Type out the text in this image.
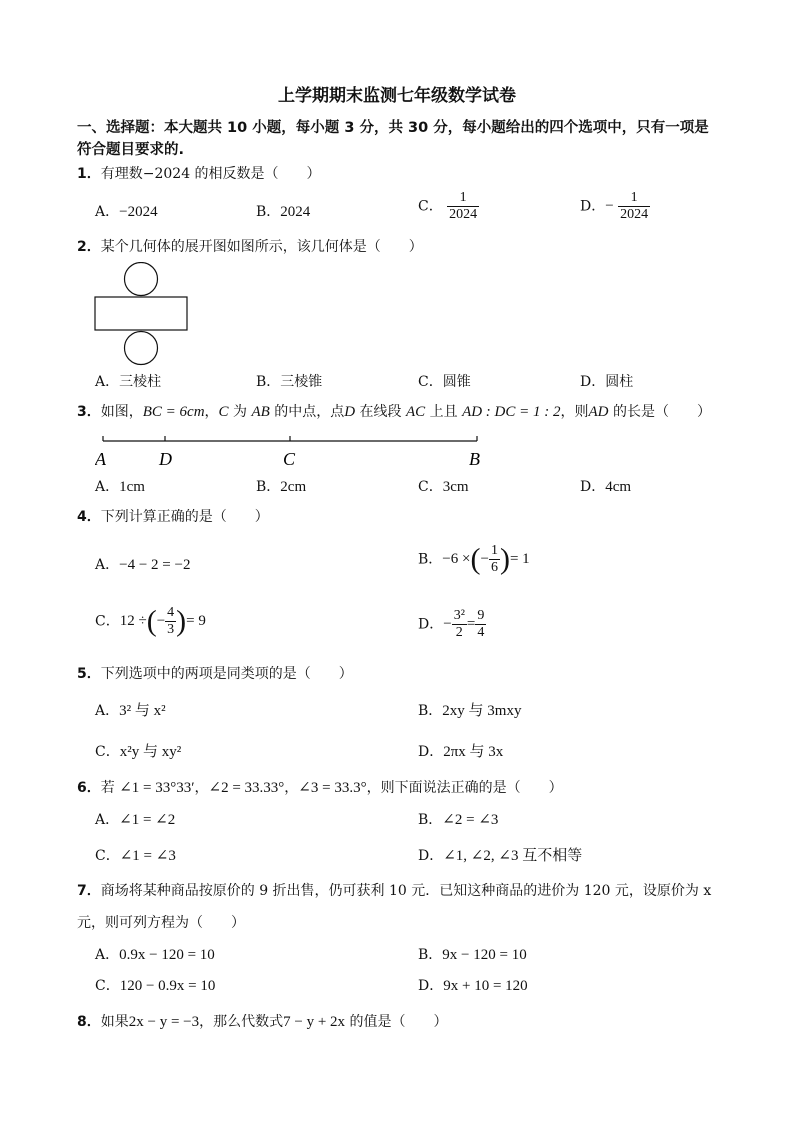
上学期期末监测七年级数学试卷
一、选择题：本大题共 10 小题，每小题 3 分，共 30 分，每小题给出的四个选项中，只有一项是
符合题目要求的.
1．有理数−2024 的相反数是（　　）
A．−2024	B．2024	C． $\frac{1}{2024}$	D．− $\frac{1}{2024}$
2．某个几何体的展开图如图所示，该几何体是（　　）
A．三棱柱	B．三棱锥	C．圆锥	D．圆柱
3．如图，BC = 6cm，C 为 AB 的中点，点D 在线段 AC 上且 AD : DC = 1 : 2，则AD 的长是（　　）
A	D	C	B
A．1cm	B．2cm	C．3cm	D．4cm
4．下列计算正确的是（　　）
A．−4 − 2 = −2	B．−6 ×(− $\frac{1}{6}$ )= 1
C．12 ÷(− $\frac{4}{3}$ )= 9	D．− $\frac{\text{3²}}{2} = \frac{9}{4}$
5．下列选项中的两项是同类项的是（　　）
A．3² 与 x²	B．2xy 与 3mxy
C．x²y 与 xy²	D．2πx 与 3x
6．若 ∠1 = 33°33′，∠2 = 33.33°，∠3 = 33.3°，则下面说法正确的是（　　）
A．∠1 = ∠2	B．∠2 = ∠3
C．∠1 = ∠3	D．∠1, ∠2, ∠3 互不相等
7．商场将某种商品按原价的 9 折出售，仍可获利 10 元．已知这种商品的进价为 120 元，设原价为 x
元，则可列方程为（　　）
A．0.9x − 120 = 10	B．9x − 120 = 10
C．120 − 0.9x = 10	D．9x + 10 = 120
8．如果2x − y = −3，那么代数式7 − y + 2x 的值是（　　）
